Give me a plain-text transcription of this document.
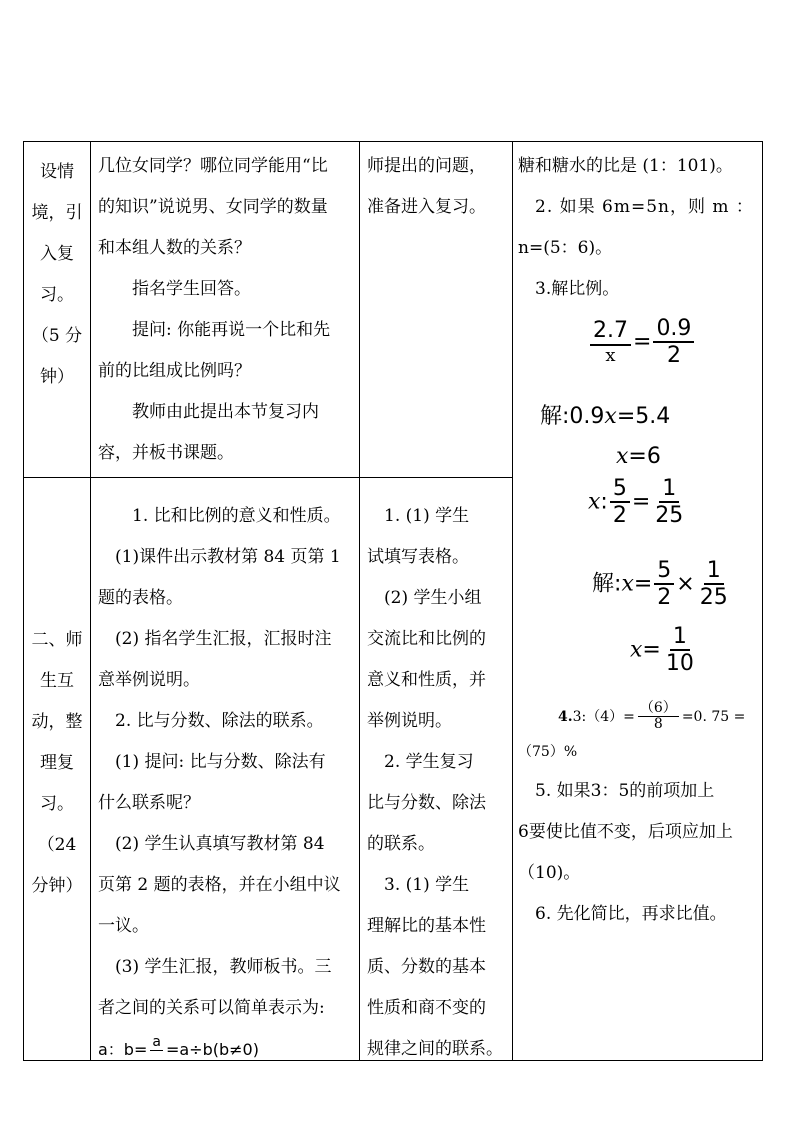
设情

境，引

入复

习。

（5 分

钟）

二、师

生互

动，整

理复

习。

（24

分钟）

几位女同学？哪位同学能用“比

的知识”说说男、女同学的数量

和本组人数的关系？

指名学生回答。

提问: 你能再说一个比和先

前的比组成比例吗？

教师由此提出本节复习内

容，并板书课题。

1. 比和比例的意义和性质。

(1)课件出示教材第 84 页第 1

题的表格。

(2) 指名学生汇报，汇报时注

意举例说明。

2. 比与分数、除法的联系。

(1) 提问: 比与分数、除法有

什么联系呢？

(2) 学生认真填写教材第 84

页第 2 题的表格，并在小组中议

一议。

(3) 学生汇报，教师板书。三

者之间的关系可以简单表示为:

a：b= a
=a÷b(b≠0)

师提出的问题，

准备进入复习。

1. (1) 学生

试填写表格。

(2) 学生小组

交流比和比例的

意义和性质，并

举例说明。

2. 学生复习

比与分数、除法

的联系。

3. (1) 学生

理解比的基本性

质、分数的基本

性质和商不变的

规律之间的联系。

糖和糖水的比是 (1：101)。

2. 如果 6m=5n，则 m ：

n=(5：6)。

3.解比例。

$\frac{2.7}{x} = \frac{0.9}{2}$
解:0.9x=5.4
x=6
x: $\frac{5}{2} = \frac{1}{25}$
解:x= $\frac{5}{2} \times \frac{1}{25}$
$x= \frac{1}{10}$
4.3:（4）= $\frac{(6)}{8} =0$. 75 =
（75）%

5. 如果3：5的前项加上

6要使比值不变，后项应加上

（10)。

6. 先化简比，再求比值。
